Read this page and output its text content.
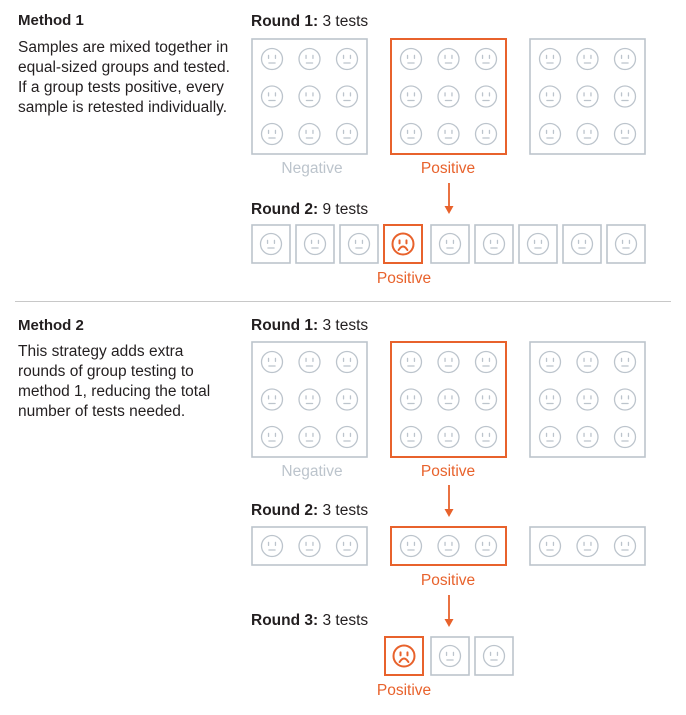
Method 1

Samples are mixed together in equal-sized groups and tested. If a group tests positive, every sample is retested individually.

Round 1: 3 tests
Negative	Positive
Round 2: 9 tests
Positive
Method 2

This strategy adds extra rounds of group testing to method 1, reducing the total number of tests needed.

Round 1: 3 tests
Negative	Positive
Round 2: 3 tests
Positive
Round 3: 3 tests
Positive
